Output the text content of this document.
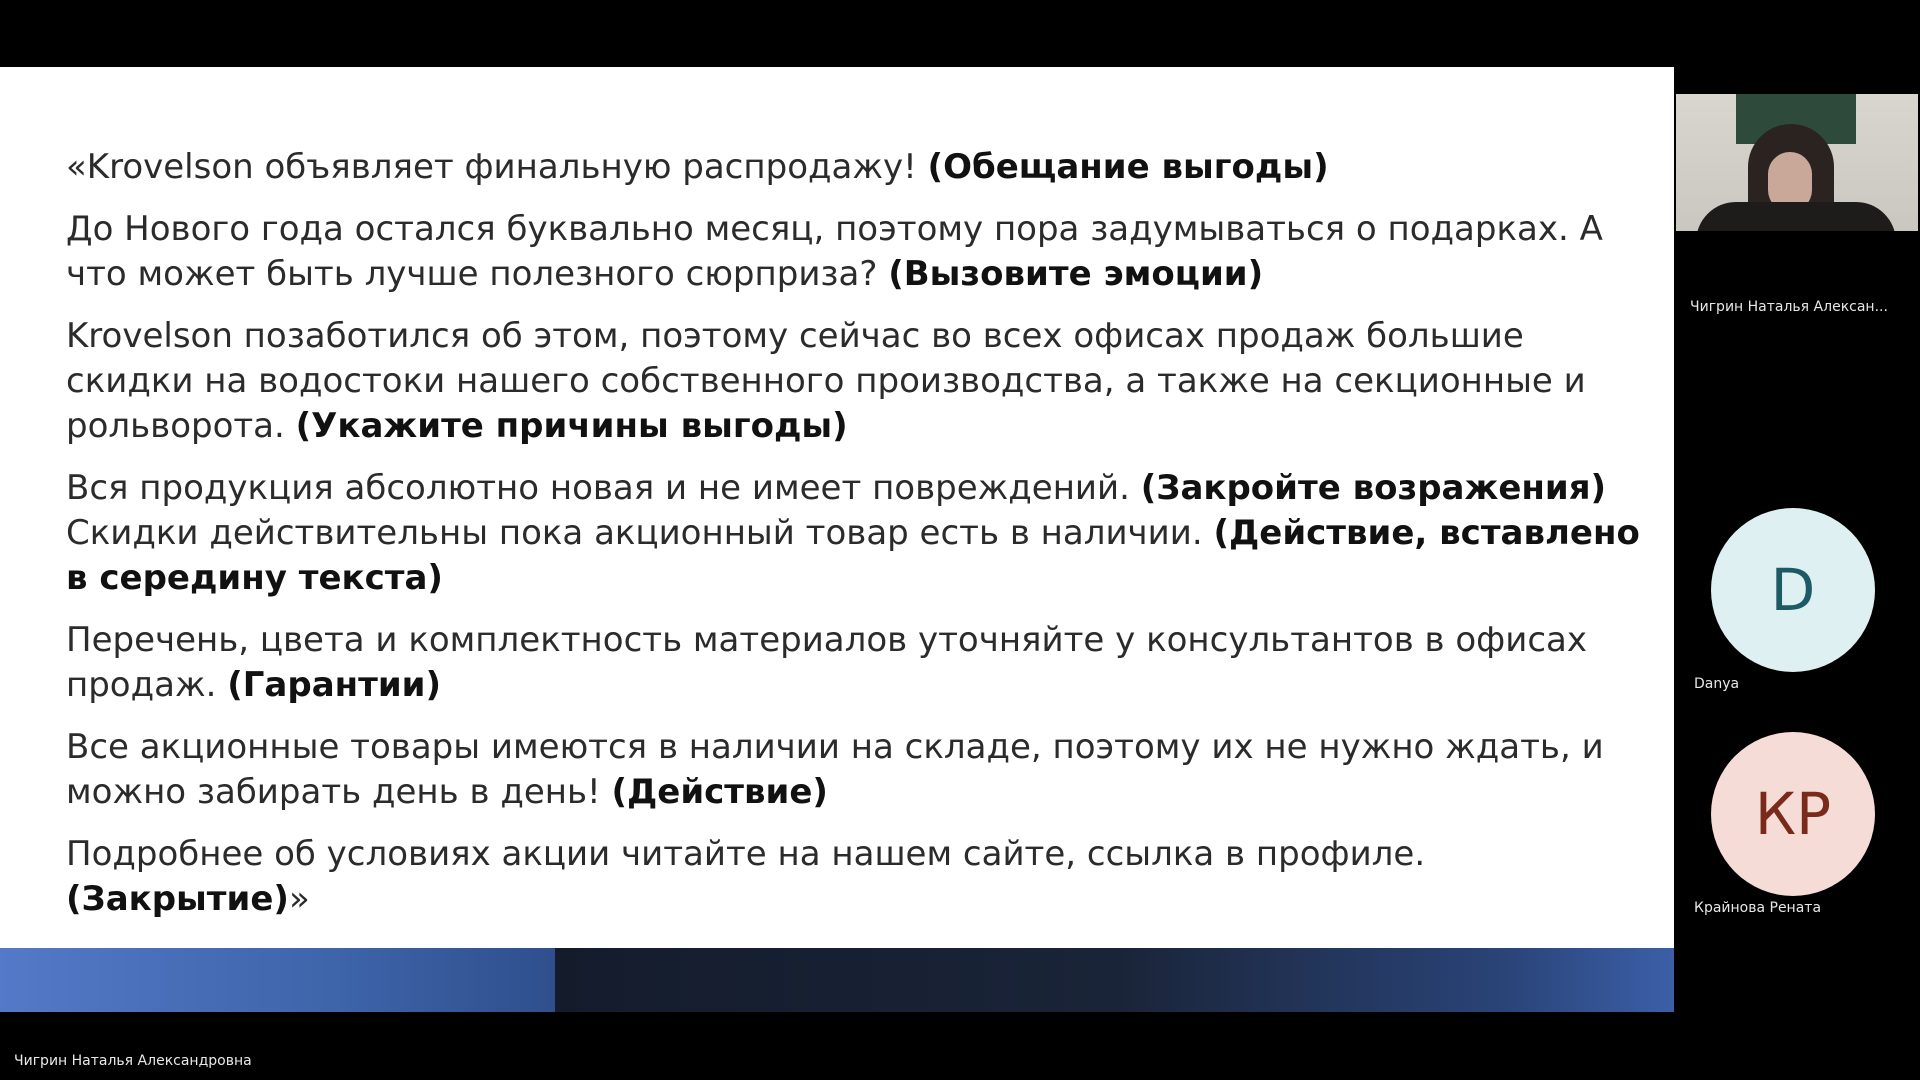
«Krovelson объявляет финальную распродажу! (Обещание выгоды)

До Нового года остался буквально месяц, поэтому пора задумываться о подарках. А что может быть лучше полезного сюрприза? (Вызовите эмоции)

Krovelson позаботился об этом, поэтому сейчас во всех офисах продаж большие скидки на водостоки нашего собственного производства, а также на секционные и рольворота. (Укажите причины выгоды)

Вся продукция абсолютно новая и не имеет повреждений. (Закройте возражения) Скидки действительны пока акционный товар есть в наличии. (Действие, вставлено в середину текста)

Перечень, цвета и комплектность материалов уточняйте у консультантов в офисах продаж. (Гарантии)

Все акционные товары имеются в наличии на складе, поэтому их не нужно ждать, и можно забирать день в день! (Действие)

Подробнее об условиях акции читайте на нашем сайте, ссылка в профиле. (Закрытие)»

Чигрин Наталья Александровна
Чигрин Наталья Алексан...
D
Danya
КР
Крайнова Рената
